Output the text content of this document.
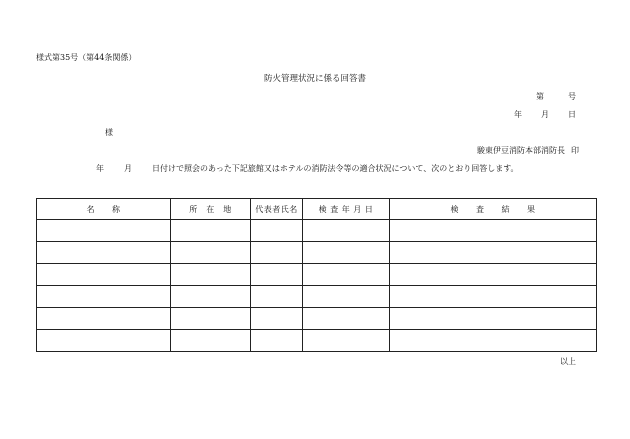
様式第35号（第44条関係）
防火管理状況に係る回答書
第	号
年 月 日
様
駿東伊豆消防本部消防長 印
年	月	日付けで照会のあった下記旅館又はホテルの消防法令等の適合状況について、次のとおり回答します。
名　　称	所　在　地	代表者氏名	検 査 年 月 日	検　　査　　結　　果

以上
